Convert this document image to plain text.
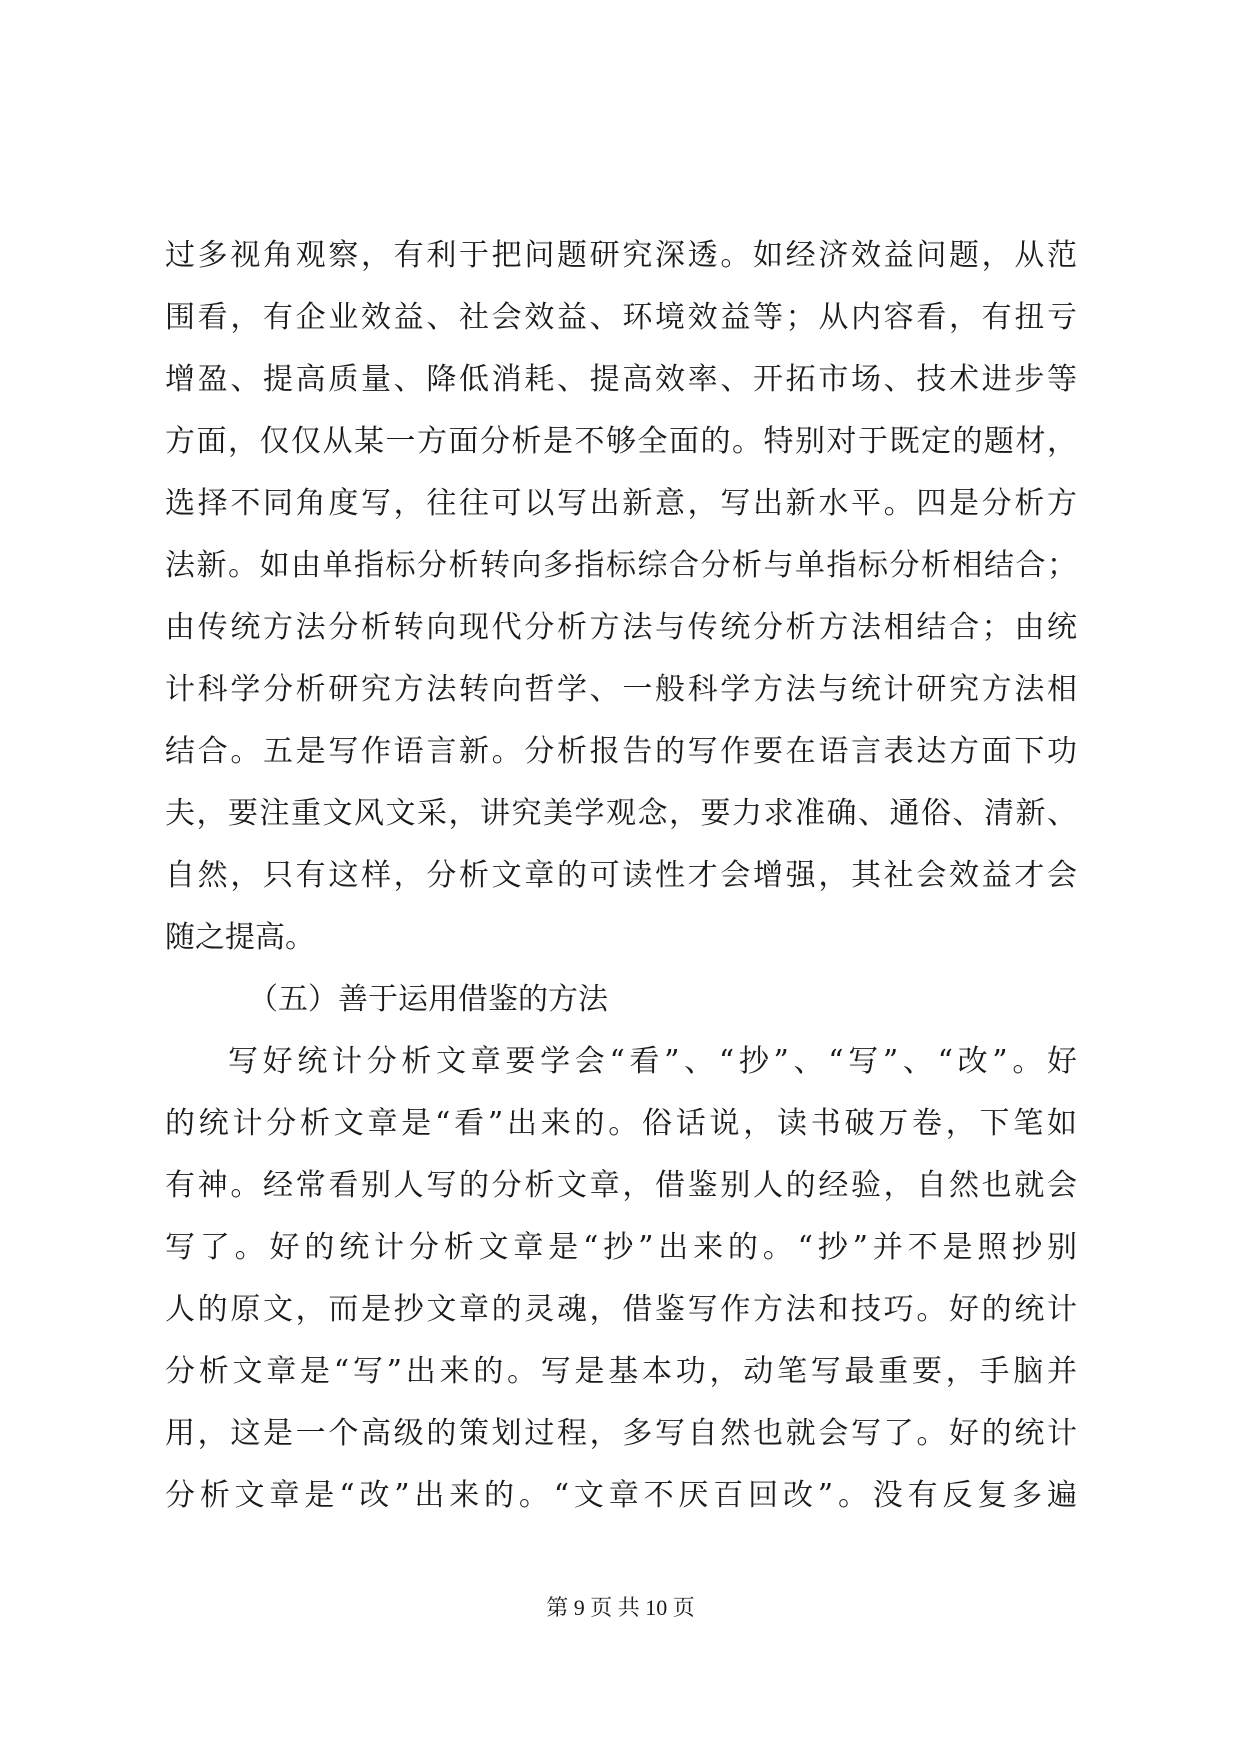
过多视角观察，有利于把问题研究深透。如经济效益问题，从范
围看，有企业效益、社会效益、环境效益等；从内容看，有扭亏
增盈、提高质量、降低消耗、提高效率、开拓市场、技术进步等
方面，仅仅从某一方面分析是不够全面的。特别对于既定的题材，
选择不同角度写，往往可以写出新意，写出新水平。四是分析方
法新。如由单指标分析转向多指标综合分析与单指标分析相结合；
由传统方法分析转向现代分析方法与传统分析方法相结合；由统
计科学分析研究方法转向哲学、一般科学方法与统计研究方法相
结合。五是写作语言新。分析报告的写作要在语言表达方面下功
夫，要注重文风文采，讲究美学观念，要力求准确、通俗、清新、
自然，只有这样，分析文章的可读性才会增强，其社会效益才会
随之提高。
（五）善于运用借鉴的方法
写好统计分析文章要学会“看”、“抄”、“写”、“改”。好
的统计分析文章是“看”出来的。俗话说，读书破万卷，下笔如
有神。经常看别人写的分析文章，借鉴别人的经验，自然也就会
写了。好的统计分析文章是“抄”出来的。“抄”并不是照抄别
人的原文，而是抄文章的灵魂，借鉴写作方法和技巧。好的统计
分析文章是“写”出来的。写是基本功，动笔写最重要，手脑并
用，这是一个高级的策划过程，多写自然也就会写了。好的统计
分析文章是“改”出来的。“文章不厌百回改”。没有反复多遍
第 9 页 共 10 页
